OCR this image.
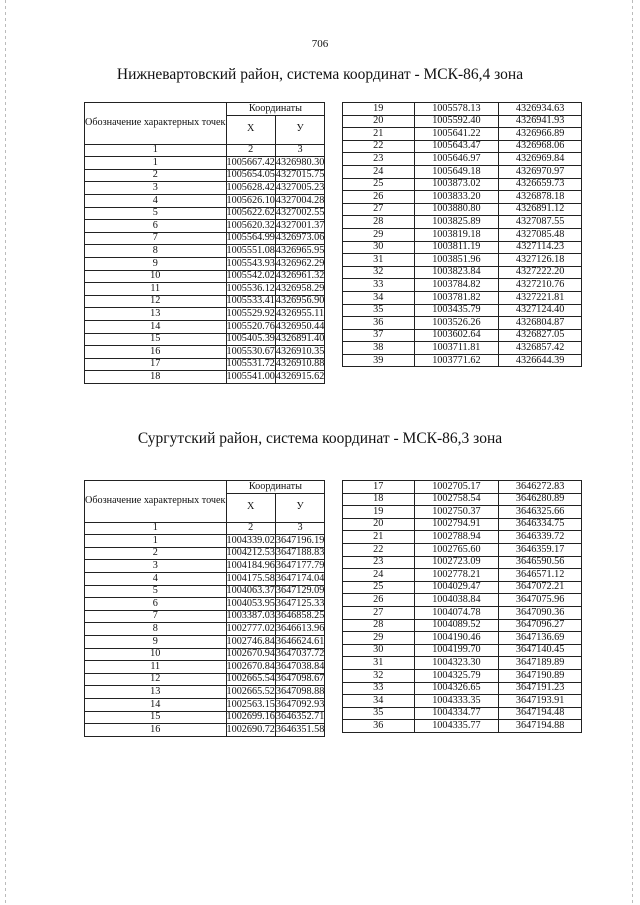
706
Нижневартовский район, система координат - МСК-86,4 зона
Обозначение характерных точек	Координаты	
	X	У
1	2	3
1	1005667.42	4326980.30
2	1005654.05	4327015.75
3	1005628.42	4327005.23
4	1005626.10	4327004.28
5	1005622.62	4327002.55
6	1005620.32	4327001.37
7	1005564.99	4326973.06
8	1005551.08	4326965.95
9	1005543.93	4326962.29
10	1005542.02	4326961.32
11	1005536.12	4326958.29
12	1005533.41	4326956.90
13	1005529.92	4326955.11
14	1005520.76	4326950.44
15	1005405.39	4326891.40
16	1005530.67	4326910.35
17	1005531.72	4326910.88
18	1005541.00	4326915.62
19	1005578.13	4326934.63
20	1005592.40	4326941.93
21	1005641.22	4326966.89
22	1005643.47	4326968.06
23	1005646.97	4326969.84
24	1005649.18	4326970.97
25	1003873.02	4326659.73
26	1003833.20	4326878.18
27	1003880.80	4326891.12
28	1003825.89	4327087.55
29	1003819.18	4327085.48
30	1003811.19	4327114.23
31	1003851.96	4327126.18
32	1003823.84	4327222.20
33	1003784.82	4327210.76
34	1003781.82	4327221.81
35	1003435.79	4327124.40
36	1003526.26	4326804.87
37	1003602.64	4326827.05
38	1003711.81	4326857.42
39	1003771.62	4326644.39
Сургутский район, система координат - МСК-86,3 зона
Обозначение характерных точек	Координаты	
	X	У
1	2	3
1	1004339.02	3647196.19
2	1004212.53	3647188.83
3	1004184.96	3647177.79
4	1004175.58	3647174.04
5	1004063.37	3647129.09
6	1004053.95	3647125.33
7	1003387.03	3646858.25
8	1002777.02	3646613.96
9	1002746.84	3646624.61
10	1002670.94	3647037.72
11	1002670.84	3647038.84
12	1002665.54	3647098.67
13	1002665.52	3647098.88
14	1002563.15	3647092.93
15	1002699.16	3646352.71
16	1002690.72	3646351.58
17	1002705.17	3646272.83
18	1002758.54	3646280.89
19	1002750.37	3646325.66
20	1002794.91	3646334.75
21	1002788.94	3646339.72
22	1002765.60	3646359.17
23	1002723.09	3646590.56
24	1002778.21	3646571.12
25	1004029.47	3647072.21
26	1004038.84	3647075.96
27	1004074.78	3647090.36
28	1004089.52	3647096.27
29	1004190.46	3647136.69
30	1004199.70	3647140.45
31	1004323.30	3647189.89
32	1004325.79	3647190.89
33	1004326.65	3647191.23
34	1004333.35	3647193.91
35	1004334.77	3647194.48
36	1004335.77	3647194.88
